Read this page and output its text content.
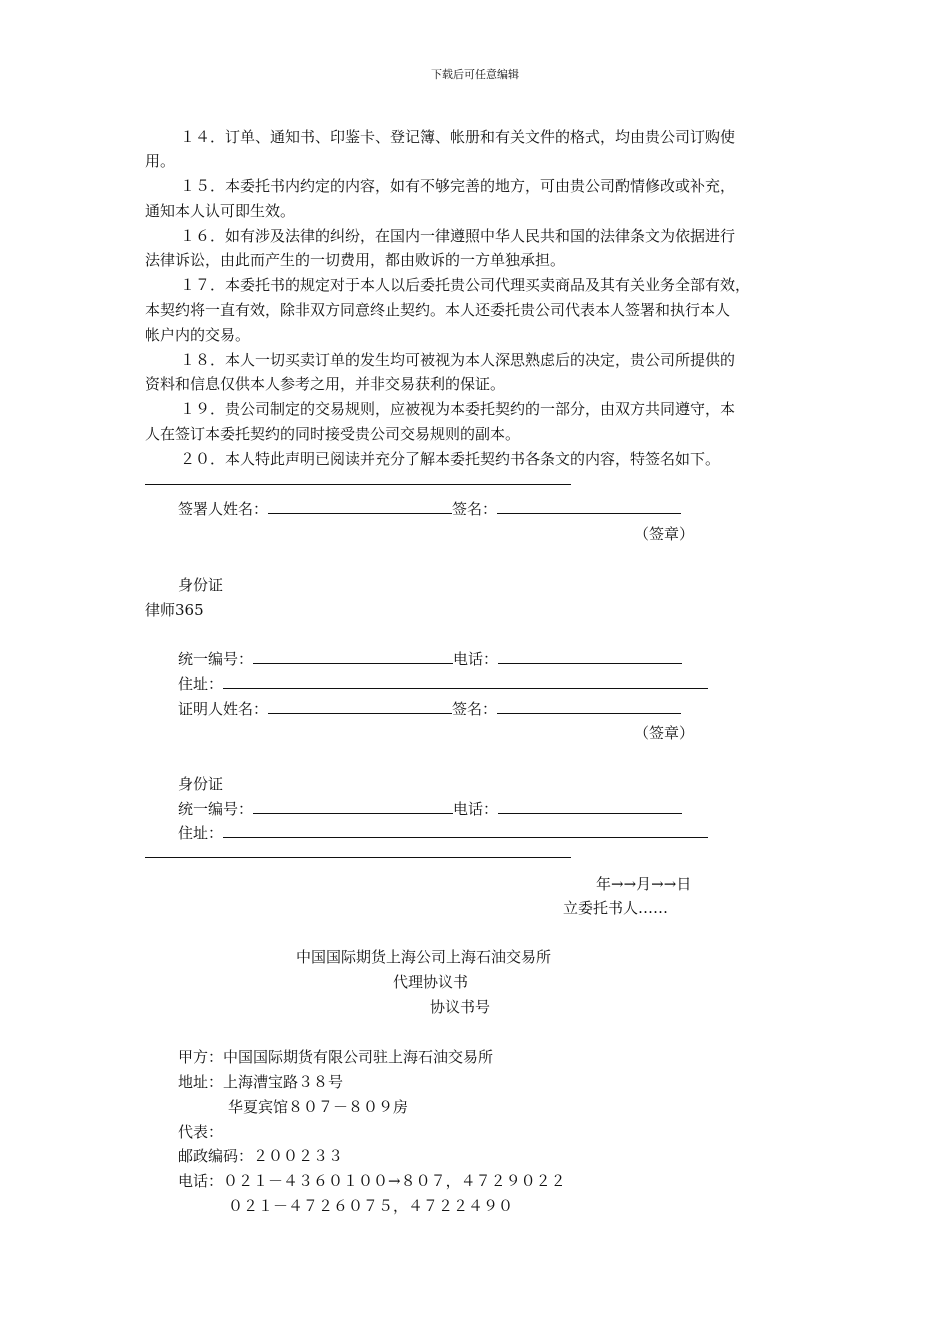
下载后可任意编辑
１４．订单、通知书、印鉴卡、登记簿、帐册和有关文件的格式，均由贵公司订购使
用。
１５．本委托书内约定的内容，如有不够完善的地方，可由贵公司酌情修改或补充，
通知本人认可即生效。
１６．如有涉及法律的纠纷，在国内一律遵照中华人民共和国的法律条文为依据进行
法律诉讼，由此而产生的一切费用，都由败诉的一方单独承担。
１７．本委托书的规定对于本人以后委托贵公司代理买卖商品及其有关业务全部有效，
本契约将一直有效，除非双方同意终止契约。本人还委托贵公司代表本人签署和执行本人
帐户内的交易。
１８．本人一切买卖订单的发生均可被视为本人深思熟虑后的决定，贵公司所提供的
资料和信息仅供本人参考之用，并非交易获利的保证。
１９．贵公司制定的交易规则，应被视为本委托契约的一部分，由双方共同遵守，本
人在签订本委托契约的同时接受贵公司交易规则的副本。
２０．本人特此声明已阅读并充分了解本委托契约书各条文的内容，特签名如下。
签署人姓名：	签名：
（签章）
身份证
律师365
统一编号：	电话：
住址：
证明人姓名：	签名：
（签章）
身份证
统一编号：	电话：
住址：
年→→月→→日
立委托书人……
中国国际期货上海公司上海石油交易所
代理协议书
协议书号
甲方：中国国际期货有限公司驻上海石油交易所
地址：上海漕宝路３８号
华夏宾馆８０７－８０９房
代表：
邮政编码：２００２３３
电话：０２１－４３６０１００→８０７，４７２９０２２
０２１－４７２６０７５，４７２２４９０
